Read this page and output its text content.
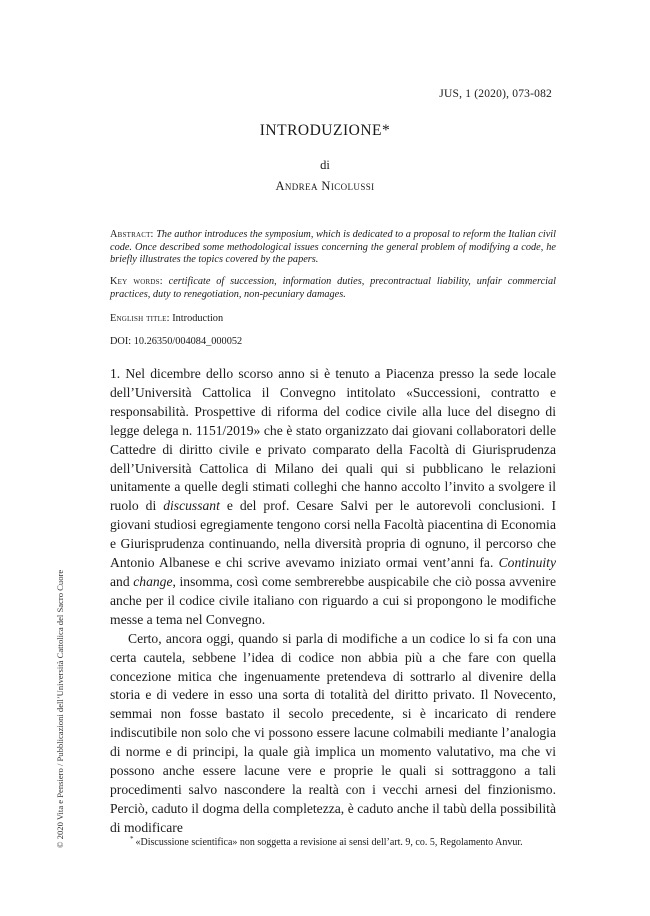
JUS, 1 (2020), 073-082
INTRODUZIONE*
di
Andrea Nicolussi
Abstract: The author introduces the symposium, which is dedicated to a proposal to reform the Italian civil code. Once described some methodological issues concerning the general problem of modifying a code, he briefly illustrates the topics covered by the papers.
Key words: certificate of succession, information duties, precontractual liability, unfair commercial practices, duty to renegotiation, non-pecuniary damages.
English title: Introduction
DOI: 10.26350/004084_000052

1. Nel dicembre dello scorso anno si è tenuto a Piacenza presso la sede locale dell’Università Cattolica il Convegno intitolato «Successioni, contratto e responsabilità. Prospettive di riforma del codice civile alla luce del disegno di legge delega n. 1151/2019» che è stato organizzato dai giovani collaboratori delle Cattedre di diritto civile e privato comparato della Facoltà di Giurisprudenza dell’Università Cattolica di Milano dei quali qui si pubblicano le relazioni unitamente a quelle degli stimati colleghi che hanno accolto l’invito a svolgere il ruolo di discussant e del prof. Cesare Salvi per le autorevoli conclusioni. I giovani studiosi egregiamente tengono corsi nella Facoltà piacentina di Economia e Giurisprudenza continuando, nella diversità propria di ognuno, il percorso che Antonio Albanese e chi scrive avevamo iniziato ormai vent’anni fa. Continuity and change, insomma, così come sembrerebbe auspicabile che ciò possa avvenire anche per il codice civile italiano con riguardo a cui si propongono le modifiche messe a tema nel Convegno.

Certo, ancora oggi, quando si parla di modifiche a un codice lo si fa con una certa cautela, sebbene l’idea di codice non abbia più a che fare con quella concezione mitica che ingenuamente pretendeva di sottrarlo al divenire della storia e di vedere in esso una sorta di totalità del diritto privato. Il Novecento, semmai non fosse bastato il secolo precedente, si è incaricato di rendere indiscutibile non solo che vi possono essere lacune colmabili mediante l’analogia di norme e di principi, la quale già implica un momento valutativo, ma che vi possono anche essere lacune vere e proprie le quali si sottraggono a tali procedimenti salvo nascondere la realtà con i vecchi arnesi del finzionismo. Perciò, caduto il dogma della completezza, è caduto anche il tabù della possibilità di modificare

* «Discussione scientifica» non soggetta a revisione ai sensi dell’art. 9, co. 5, Regolamento Anvur.
© 2020 Vita e Pensiero / Pubblicazioni dell’Università Cattolica del Sacro Cuore
